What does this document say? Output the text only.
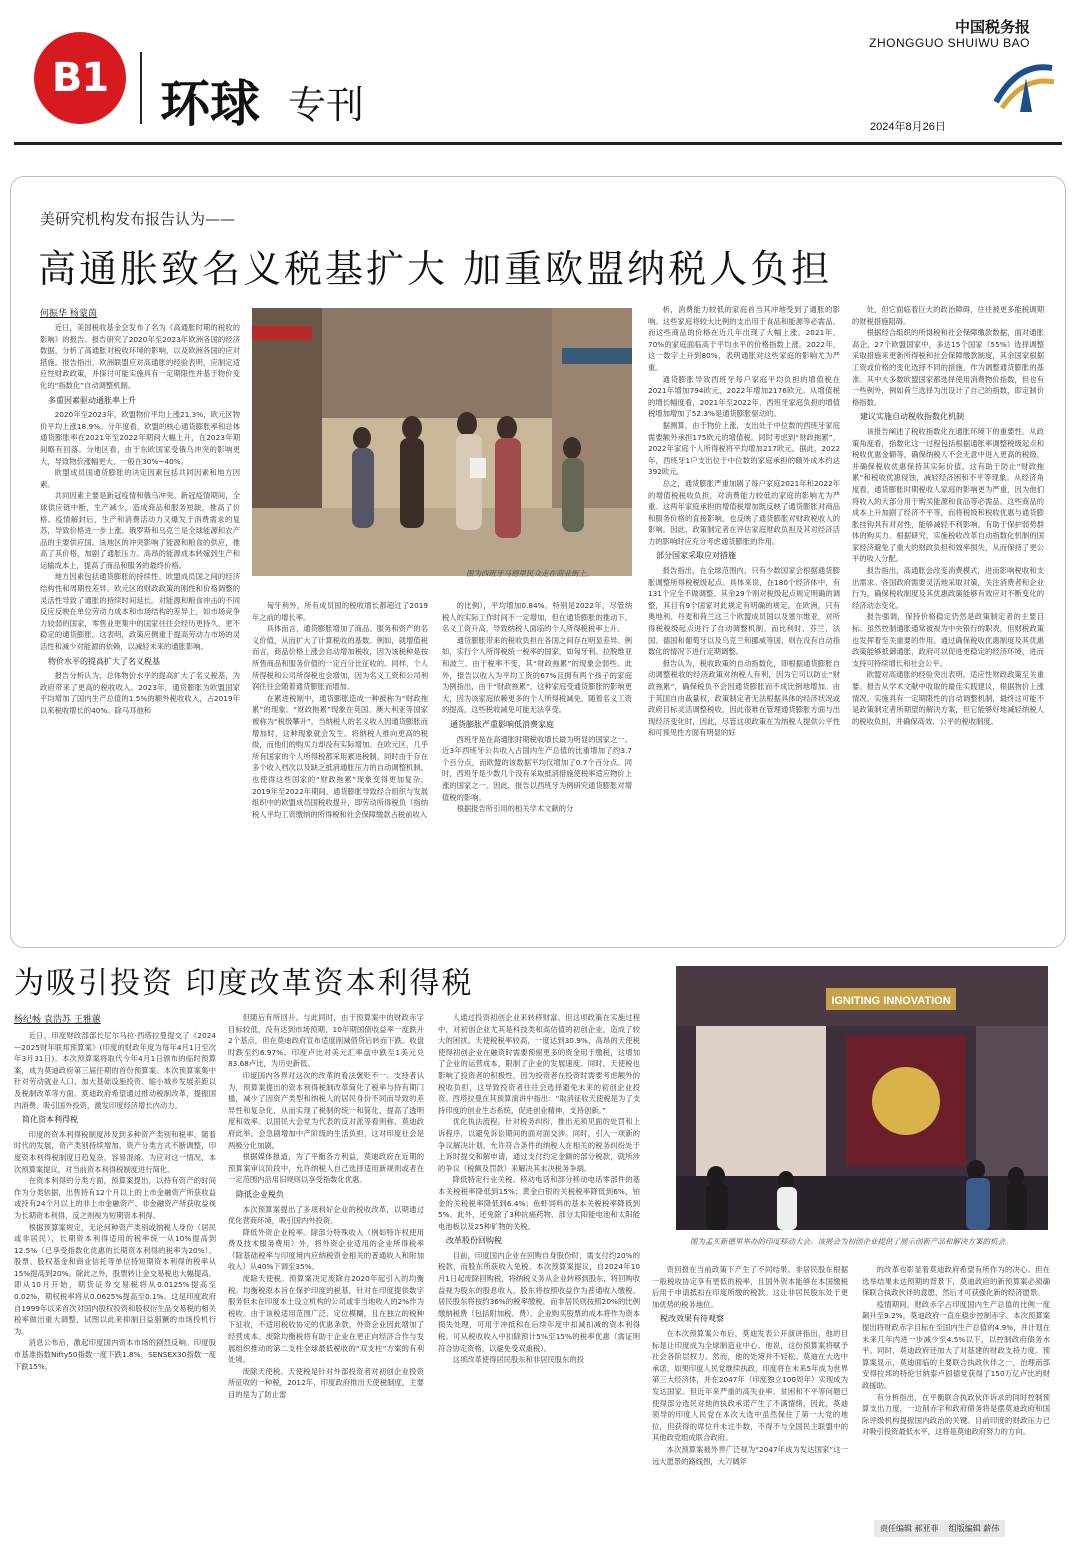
B1	环球 专刊
中国税务报
ZHONGGUO SHUIWU BAO
2024年8月26日
美研究机构发布报告认为——
高通胀致名义税基扩大 加重欧盟纳税人负担
何振华 杨蒙茵

近日，美国税收基金会发布了名为《高通胀时期的税收的影响》的报告。报告研究了2020年至2023年欧洲各国的经济数据，分析了高通胀对税收环境的影响，以及欧洲各国的应对措施。报告指出，欧洲联盟应对高通胀的经验表明，应制定适应性财政政策，并探讨可能实施具有一定期限性并基于物价变化的“指数化”自动调整机制。

多重因素驱动通胀率上升

2020年至2023年，欧盟物价平均上涨21.3%，欧元区物价平均上涨18.9%。分年度看，欧盟的核心通货膨胀率和总体通货膨胀率在2021年至2022年期间大幅上升，在2023年期间略有回落。分地区看，由于东欧国家受俄乌冲突的影响更大，导致物价涨幅更大，一般在30%~40%。

欧盟成员国通货膨胀的决定因素包括共同因素和地方因素。

共同因素主要是新冠疫情和俄乌冲突。新冠疫情期间，全球供应链中断，生产减少，造成商品和服务短缺，推高了价格。疫情解封后，生产和消费活动力又爆发于消费需求的复苏，导致价格进一步上涨。俄罗斯和乌克兰是全球能源和农产品的主要供应国。该地区的冲突影响了能源和粮食的供应，推高了其价格，加剧了通胀压力。高昂的能源成本转嫁到生产和运输成本上，提高了商品和服务的最终价格。

地方因素包括通货膨胀的持续性、欧盟成员国之间的经济结构性和周期性差异。欧元区的财政政策的刚性和价格调整的灵活性导致了通胀的持续时间延长。对能源和粮食冲击的不同反应反映在单位劳动力成本和市场结构的差异上，如市场竞争力较弱的国家，零售业更集中的国家往往会经历更持久、更不稳定的通货膨胀。这表明，政策应侧重于提高劳动力市场的灵活性和减少对能源的依赖，以减轻未来的通胀影响。

物价水平的提高扩大了名义税基

报告分析认为，总体物价水平的提高扩大了名义税基，为政府带来了更高的税收收入。2023年，通货膨胀为欧盟国家平均增加了国内生产总值的1.5%的额外税收收入，占2019年以来税收增长的40%。除马耳他和

图为西班牙马德里民众走在商业街上。

匈牙利外，所有成员国的税收增长都超过了2019年之前的增长率。

具体而言，通货膨胀增加了商品、服务和资产的名义价值，从而扩大了计算税收的基数。例如，就增值税而言，商品价格上涨会自动增加税收，因为该税种是按所售商品和服务价值的一定百分比征收的。同样，个人所得税和公司所得税也会增加，因为名义工资和公司利润往往会随着通货膨胀而增加。

在累进税制中，通货膨胀造成一种被称为“财政拖累”的现象。“财政拖累”现象在英国、澳大利亚等国家被称为“税级攀升”，当纳税人的名义收入因通货膨胀而增加时，这种现象就会发生。将纳税人推向更高的税级，而他们的购买力却没有实际增加。在欧元区，几乎所有国家的个人所得税都采用累进税制，同时由于存在多个收入档次以及缺乏抵消通胀压力的自动调整机制，也使得这些国家的“财政拖累”现象变得更加复杂。2019年至2022年期间，通货膨胀导致经合组织与发展组织中的欧盟成员国税收提升，即劳动所得税负（指纳税人平均工资缴纳的所得税和社会保障缴款占税前收入

的比例），平均增加0.84%。特别是2022年，尽管纳税人的实际工作时间不一定增加，但在通货膨胀的推动下，名义工资升高，导致纳税人面临的个人所得税税率上升。

通货膨胀带来的税收负担在各国之间存在明显差异。例如，实行个人所得税统一税率的国家，如匈牙利、拉脱维亚和波兰，由于税率不变，其“财政拖累”的现象会弱些。此外，报告以收入为平均工资的67%且拥有两个孩子的家庭为例指出，由于“财政拖累”，这种家庭受通货膨胀的影响更大，因为该家庭依赖更多的个人所得税减免，随着名义工资的提高，这些税收减免可能无法享受。

通货膨胀严重影响低消费家庭

西班牙是在高通胀时期税收增长最为明显的国家之一。近3年西班牙公共收入占国内生产总值的比重增加了约3.7个百分点，而欧盟的该数据平均仅增加了0.7个百分点。同时，西班牙是少数几个没有采取抵消措施使税率适应物价上涨的国家之一。因此，报告以西班牙为例研究通货膨胀对增值税的影响。

根据报告所引用的相关学术文献的分

析，消费能力较低的家庭首当其冲地受到了通胀的影响。这些家庭将较大比例的支出用于食品和能源等必需品，而这些商品的价格在近几年出现了大幅上涨。2021年，70%的家庭面临高于平均水平的价格指数上涨。2022年，这一数字上升到80%，表明通胀对这些家庭的影响尤为严重。

通货膨胀导致西班牙每户家庭平均负担的增值税在2021年增加794欧元，2022年增加2176欧元。从增值税的增长幅度看，2021年至2022年，西班牙家庭负担的增值税增加增加了52.3%是通货膨胀驱动的。

据测算，由于物价上涨，支出处于中位数的西班牙家庭需要额外承担175欧元的增值税。同时考虑到“财政拖累”，2022年家庭个人所得税将平均增加217欧元。据此，2022年，西班牙1户支出位于中位数的家庭承担的额外成本约达392欧元。

总之，通货膨胀严重加剧了每户家庭2021年和2022年的增值税税收负担，对消费能力较低的家庭的影响尤为严重。这两年家庭承担的增值税增加既反映了通货膨胀对商品和服务价格的直接影响，也反映了通货膨胀对财政税收入的影响。因此，政策制定者在评估家庭财政负担及其对经济活力的影响时应充分考虑通货膨胀的作用。

部分国家采取应对措施

报告指出，在全球范围内，只有少数国家会根据通货膨胀调整所得税税级起点。具体来说，在180个经济体中，有131个完全不做调整。其余29个则对税级起点规定明确的调整，其目有9个国家对此规定有明确的规定。在欧洲，只有奥地利、丹麦和荷兰这三个欧盟成员国以及塞尔维亚，对所得税税级起点进行了自动调整机制。而比利时、芬兰、法国、德国和葡萄牙以及乌克兰和挪威等国，则在没有自动指数化的情况下进行定期调整。

报告认为，税收政策的自动指数化，即根据通货膨胀自动调整税收的经济政策对纳税人有利，因为它可以防止“财政拖累”，确保税负不会因通货膨胀而不成比例地增加。由于英国自由裁量权，政策制定者无法根据具体的经济状况或政府目标灵活调整税收，因此很难在管理通货膨胀方面与出现经济变化时，因此，尽管这项政策在为纳税人提供公平性和可预见性方面有明显的好

处，但它面临着巨大的政治障碍，往往被更多能税调期的财税措施阻碍。

根据经合组织的所得税和社会保障缴款数据，面对通胀高企，27个欧盟国家中，多达15个国家（55%）选择调整采取措施来更新所得税和社会保障缴款制度，其余国家根据工资或价格的变化选择不同的措施，作为调整通货膨胀的基准。其中大多数欧盟国家都选择使用消费物价指数，但也有一些例外，例如荷兰选择为出设计了自己的指数，即定制价格指数。

建议实施自动税收指数化机制

该报告阐述了税收指数化在通胀环境下的重要性。从政策角度看，指数化这一过程包括根据通胀率调整税级起点和税收优惠金额等，确保纳税人不会无意中进入更高的税级，并确保税收优惠保持其实际价值。这有助于防止“财政拖累”和税收优惠侵蚀，减轻经济困和不平等现象。从经济角度看，通货膨胀时期税收人家庭的影响更为严重，因为他们将收入的大部分用于购买能源和食品等必需品。这些商品的成本上升加剧了经济不平等，而将税级和税收优惠与通货膨胀挂钩具有对对性，能够减轻不利影响，有助于保护弱势群体的购买力。根据研究，实施税收改革自动指数化机制的国家经济避免了重大的财政负担和效率损失，从而保持了更公平的收入分配。

报告指出，高通胀会改变消费模式，进而影响税收和支出需求。各国政府需要灵活地采取对策，关注消费者和企业行为，确保税收制度及其优惠政策能够有效应对不断变化的经济动态变化。

报告强调，保持价格稳定仍然是政策制定者的主要目标。虽然控制通胀通常被视为中央银行的职责，但财税政策也发挥着至关重要的作用。通过确保税收优惠制度及其优惠政策能够抵御通胀，政府可以促进更稳定的经济环境，进而支持可持续增长和社会公平。

欧盟对高通胀的经验突出表明，适应性财政政策至关重要。报告从学术文献中收取的最佳实践建议，根据物价上涨情况，实施具有一定期限性的自动调整机制，最终这可能不是政策制定者所期望的解决方案，但它能够好地减轻纳税人的税收负担，并确保高效、公平的税收制度。

为吸引投资 印度改革资本利得税
杨纪畅 袁浩苏 王雅蕙

近日，印度财政部部长尼尔马拉·西塔拉曼提交了《2024—2025财年联邦预算案》(印度的财政年度为每年4月1日至次年3月31日)。本次预算案将取代今年4月1日颁布的临时预算案，成为莫迪政府第三届任期的首份预算案。本次预算案集中针对劳动就业人口、加大基础设施投资、缩小城乡发展差距以及税制改革等方面。莫迪政府希望通过推动税制改革，提振国内消费、吸引国外投资，激发印度经济增长内动力。

简化资本利得税

印度的资本利得税制度涉及到多种资产类别和税率。随着时代的发展，资产类别持续增加，资产分类方式不断调整，印度资本利得税制度日趋复杂，容易混淆。为应对这一情况，本次预算案提议，对当前资本利得税制度进行简化。

在资本利得的分类方面，预算案提出，以持有资产的时间作为分类依据，出售持有12个月以上的上市金融资产所获收益或持有24个月以上的非上市金融资产、非金融资产所获收益视为长期资本利得，反之则视为短期资本利得。

根据预算案规定，无论何种资产类别或纳税人身份（居民或非居民），长期资本利得适用的税率统一从10%提高到12.5%（已享受指数化优惠的长期资本利得的税率为20%）。股票、股权基金和商业信托等单位持短期资本利得的税率从15%提高到20%。除此之外，股票转让金交易税也大幅提高，即从10月开始，期货证券交易税将从0.0125%提高至0.02%，期权税率将从0.0625%提高至0.1%。这是印度政府自1999年以来首次对国内股权投资和股权衍生品交易税的相关税率做出重大调整，试图以此来抑制日益猖獗的市场投机行为。

消息公布后，激起印度国内资本市场的剧烈反响。印度股市基准指数Nifty50指数一度下跌1.8%，SENSEX30指数一度下跌15%，

但随后有所回升。与此同时，由于预算案中的财政赤字目标较低，没有达到市场预期，10年期国债收益率一度跌升2个基点，但在莫迪政府宣布适度削减借贷后转而下跌。收盘时跌至约6.97%。印度卢比对美元汇率盘中跌至1美元兑83.68卢比，为历史新低。

印度国内各界对这次的改革的看法褒贬不一。支持者认为，预算案提出的资本利得税制改革简化了税率与持有期门槛，减少了因资产类型和纳税人的居民身份不同而导致的差异性和复杂化，从而实现了税制的统一和简化，提高了透明度和效率。以国民大会党为代表的反对派等看则称，莫迪政府此举，会急剧增加中产阶级的生活负担，这对印度社会是两极分化加剧。

根据媒体报道，为了平衡各方利益，莫迪政府在近期的预算案审议阶段中，允许纳税人自己选择适用新规则或者在一定范围内沿用旧规则以享受指数化优惠。

降低企业税负

本次预算案提出了多项利好企业的税收改革，以期通过优化营商环境，吸引国内外投资。

降低外资企业税率。除部分特殊收入（例如特许权使用费及技术服务费用）外，将外资企业适用的企业所得税率（除基础税率与印度境内应纳税资金相关的普通收入和附加收入）从40%下调至35%。

废除天使税。预算案决定废除自2020年起引入的均衡税。均衡税原本旨在保护印度的税基，针对在印度提供数字服务但未在印度本土设立机构的公司或非当地收入的2%作为税收。由于该税适用范围广泛、定位模糊，且在独立的税种下征收，不适用税收协定的优惠条款，外资企业因此增加了经营成本。废除均衡税将有助于企业在更正向经济合作与发展组织推动的第二支柱全球最低税收的“双支柱”方案的有利处境。

废除天使税。天使税是针对外部投资者对初创企业投资所征收的一种税，2012年，印度政府推出天使税制度，主要目的是为了防止雷

人通过投资初创企业来转移财富。但这项政策在实施过程中，对初创企业尤其是科技类和高估值的初创企业，造成了较大的困扰。天使税税率较高，一度达到30.9%，高昂的天使税使得初创企业在融资时需要预留更多的资金用于缴税，这增加了企业的运营成本，限制了企业的发展速度。同时，天使税也影响了投资者的积极性，因为投资者在投资时需要考虑额外的税收负担，这导致投资者往往会选择避免未来的初创企业投资。西塔拉曼在其预算演讲中指出：“取消征收天使税是为了支持印度的创业生态系统，促进创业精神，支持创新。”

优化执法流程。针对税务纠纷，推出无须见面的处罚和上诉程序，以避免诉讼期间的面对面交涉。同时，引入一项新的争议解决计划，允许符合条件的纳税人在相关的税务纠纷处于上诉时提交和解申请，通过支付约定金额的部分税款，就所涉的争议（税额及罚款）来解决其未决税务争端。

降低特定行业关税。移动电话和部分移动电话零部件的基本关税税率降低到15%；黄金白银的关税税率降低到6%，铂金的关税税率降低到6.4%；鱼虾饲料的基本关税税率降低到5%。此外，还免除了3种抗癌药物、部分太阳能电池和太阳能电池板以及25种矿物的关税。

改革股份回购税

目前，印度国内企业在回购自身股份时，需支付约20%的税款，而股东所获收入免税。本次预算案提议，自2024年10月1日起废除回购税，将纳税义务从企业转移到股东，将回购收益视为股东的股息收入，股东将按照收益作为普通收入缴税。居民股东将按约36%的税率缴税，而非居民则按照20%的比例缴纳税费（包括附加税、费）。企业购买股票的成本将作为资本损失处理，可用于冲抵和在后续年度中扣减扣减的资本利得税。可从税收收入中扣除预计5%至15%的税率优惠（需证明符合协定资格，以避免受双重税）。

这项改革使得居民股东和非居民股东的投

IGNITING INNOVATION
图为孟买新德里举办的印度移动大会。该展会为初创企业提供了展示创新产品和解决方案的机会。

资回报在当前政策下产生了不同结果。非居民股东根据一般税收协定享有更低的税率，且国外资本能够在本国缴税后用于申请抵扣在印度所缴的税款。这让非居民股东处于更加优势的税务地位。

税改效果有待观察

在本次预算案公布后，莫迪发表公开演讲指出，他的目标是让印度成为全球制造业中心。他说，这份预算案将赋予社会各阶层权力。然而，他的处境并不轻松。莫迪在大选中承诺，如果印度人民党继续执政，印度将在未来5年成为世界第三大经济体，并在2047年（印度独立100周年）实现成为发达国家。但近年来严重的高失业率、贫困和不平等问题已使得部分选民对他的执政承诺产生了不满情绪，因此，莫迪领导的印度人民党在本次大选中虽然保住了第一大党的地位，但获得的席位并未过半数，不得不与全国民主联盟中的其他政党组成联合政府。

本次预算案被外界广泛视为“2047年成为发达国家”这一远大愿景的路线图，大刀阔斧

的改革也彰显着莫迪政府希望有所作为的决心。但在选举结果未达预期的背景下，莫迪政府的新预算案必须确保联合执政伙伴的意愿，然后才可获强化新的经济愿景。

疫情期间，财政赤字占印度国内生产总值的比例一度飙升至9.2%，莫迪政府一直在稳步控制赤字。本次预算案提出将财政赤字目标在至国内生产总值的4.9%，并计划在未来几年内进一步减少至4.5%以下，以控制政府债务水平。同时，莫迪政府还加大了对基建的财政支持力度。预算案显示，莫迪面临的主要联合执政伙伴之一，治理南部安得拉邦的特伦甘纳泰卢固德党获得了150万亿卢比的财政援助。

有分析指出，在平衡联合执政伙伴诉求的同时控制预算支出力度，一边削赤字和政府债务将是摆莫迪政府和国际评级机构提振国内政治的关键。目前印度的财政压力已对吸引投资最低水平，这将是莫迪政府努力的方向。

责任编辑 郝亚菲 组版编辑 薪伟
